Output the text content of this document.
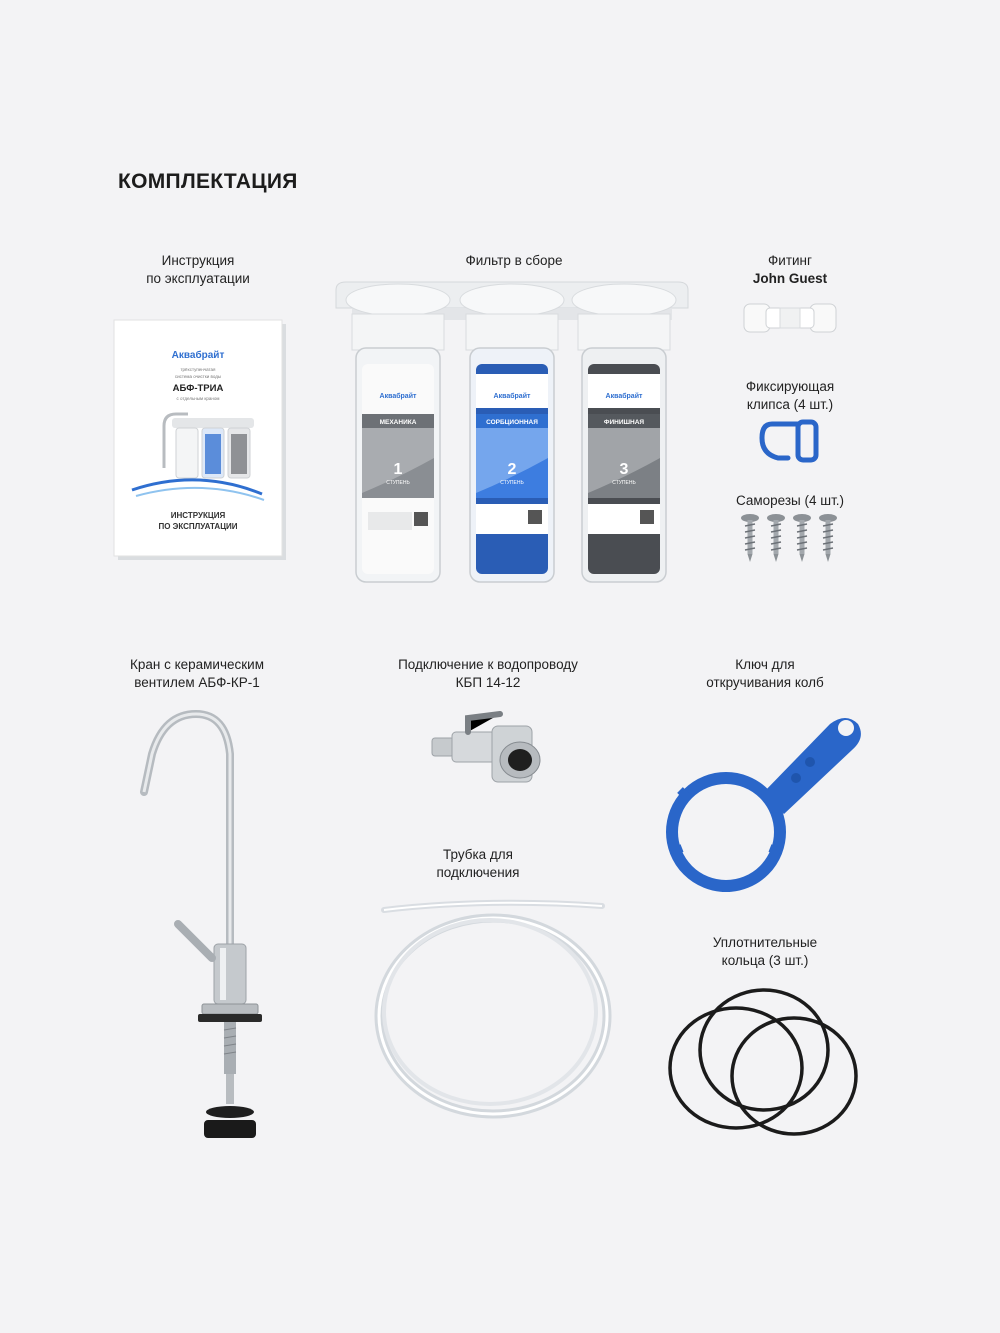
КОМПЛЕКТАЦИЯ
Инструкция
по эксплуатации
Аквабрайт
трёхступенчатая
система очистки воды
АБФ-ТРИА
с отдельным краном
ИНСТРУКЦИЯ
ПО ЭКСПЛУАТАЦИИ
Фильтр в сборе
Аквабрайт
МЕХАНИКА
1
СТУПЕНЬ
Аквабрайт
СОРБЦИОННАЯ
2
СТУПЕНЬ
Аквабрайт
ФИНИШНАЯ
3
СТУПЕНЬ
Фитинг
John Guest
Фиксирующая
клипса (4 шт.)
Саморезы (4 шт.)
Кран с керамическим
вентилем АБФ-КР-1
Подключение к водопроводу
КБП 14-12
Ключ для
откручивания колб
Трубка для
подключения
Уплотнительные
кольца (3 шт.)
